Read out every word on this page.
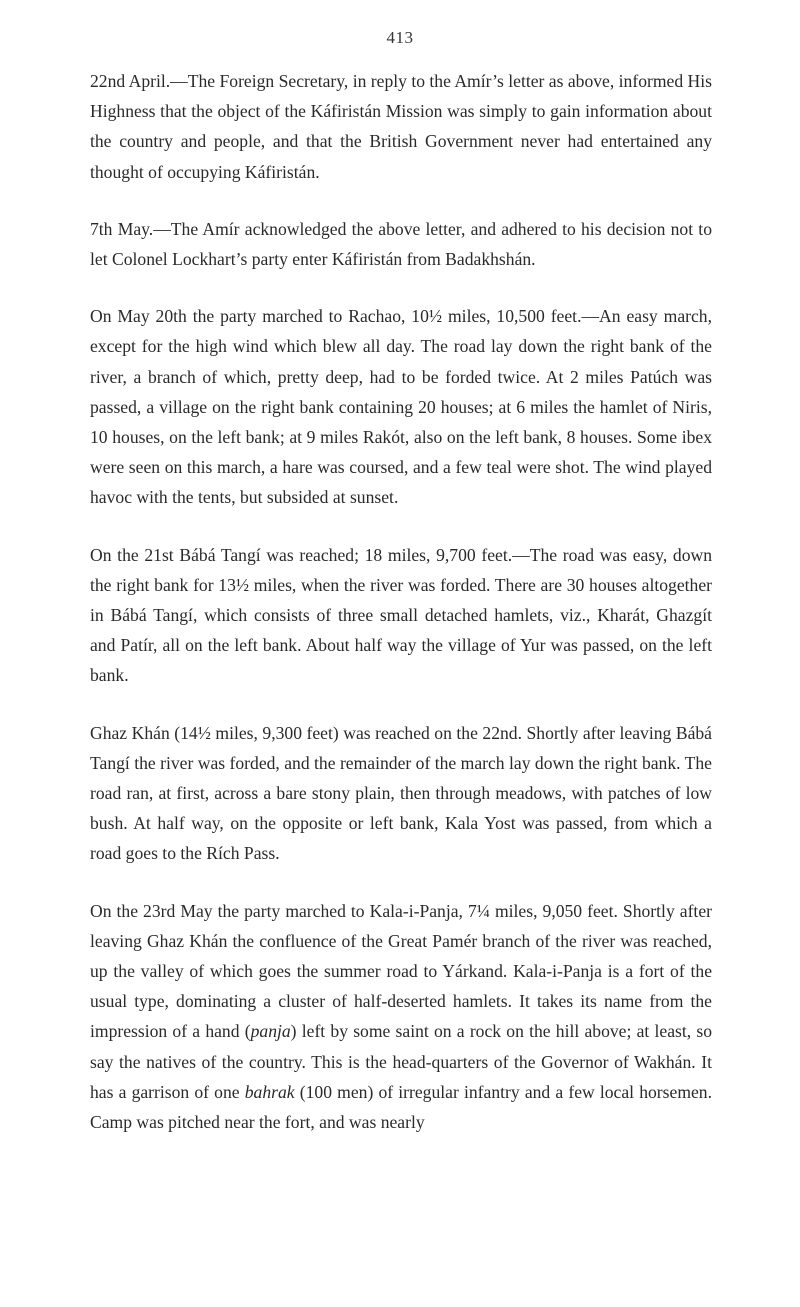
413

22nd April.—The Foreign Secretary, in reply to the Amír’s letter as above, informed His Highness that the object of the Káfiristán Mission was simply to gain information about the country and people, and that the British Government never had entertained any thought of occupying Káfiristán.

7th May.—The Amír acknowledged the above letter, and adhered to his decision not to let Colonel Lockhart’s party enter Káfiristán from Badakhshán.

On May 20th the party marched to Rachao, 10½ miles, 10,500 feet.—An easy march, except for the high wind which blew all day. The road lay down the right bank of the river, a branch of which, pretty deep, had to be forded twice. At 2 miles Patúch was passed, a village on the right bank containing 20 houses; at 6 miles the hamlet of Niris, 10 houses, on the left bank; at 9 miles Rakót, also on the left bank, 8 houses. Some ibex were seen on this march, a hare was coursed, and a few teal were shot. The wind played havoc with the tents, but subsided at sunset.

On the 21st Bábá Tangí was reached; 18 miles, 9,700 feet.—The road was easy, down the right bank for 13½ miles, when the river was forded. There are 30 houses altogether in Bábá Tangí, which consists of three small detached hamlets, viz., Kharát, Ghazgít and Patír, all on the left bank. About half way the village of Yur was passed, on the left bank.

Ghaz Khán (14½ miles, 9,300 feet) was reached on the 22nd. Shortly after leaving Bábá Tangí the river was forded, and the remainder of the march lay down the right bank. The road ran, at first, across a bare stony plain, then through meadows, with patches of low bush. At half way, on the opposite or left bank, Kala Yost was passed, from which a road goes to the Rích Pass.

On the 23rd May the party marched to Kala-i-Panja, 7¼ miles, 9,050 feet. Shortly after leaving Ghaz Khán the confluence of the Great Pamér branch of the river was reached, up the valley of which goes the summer road to Yárkand. Kala-i-Panja is a fort of the usual type, dominating a cluster of half-deserted hamlets. It takes its name from the impression of a hand (panja) left by some saint on a rock on the hill above; at least, so say the natives of the country. This is the head-quarters of the Governor of Wakhán. It has a garrison of one bahrak (100 men) of irregular infantry and a few local horsemen. Camp was pitched near the fort, and was nearly
